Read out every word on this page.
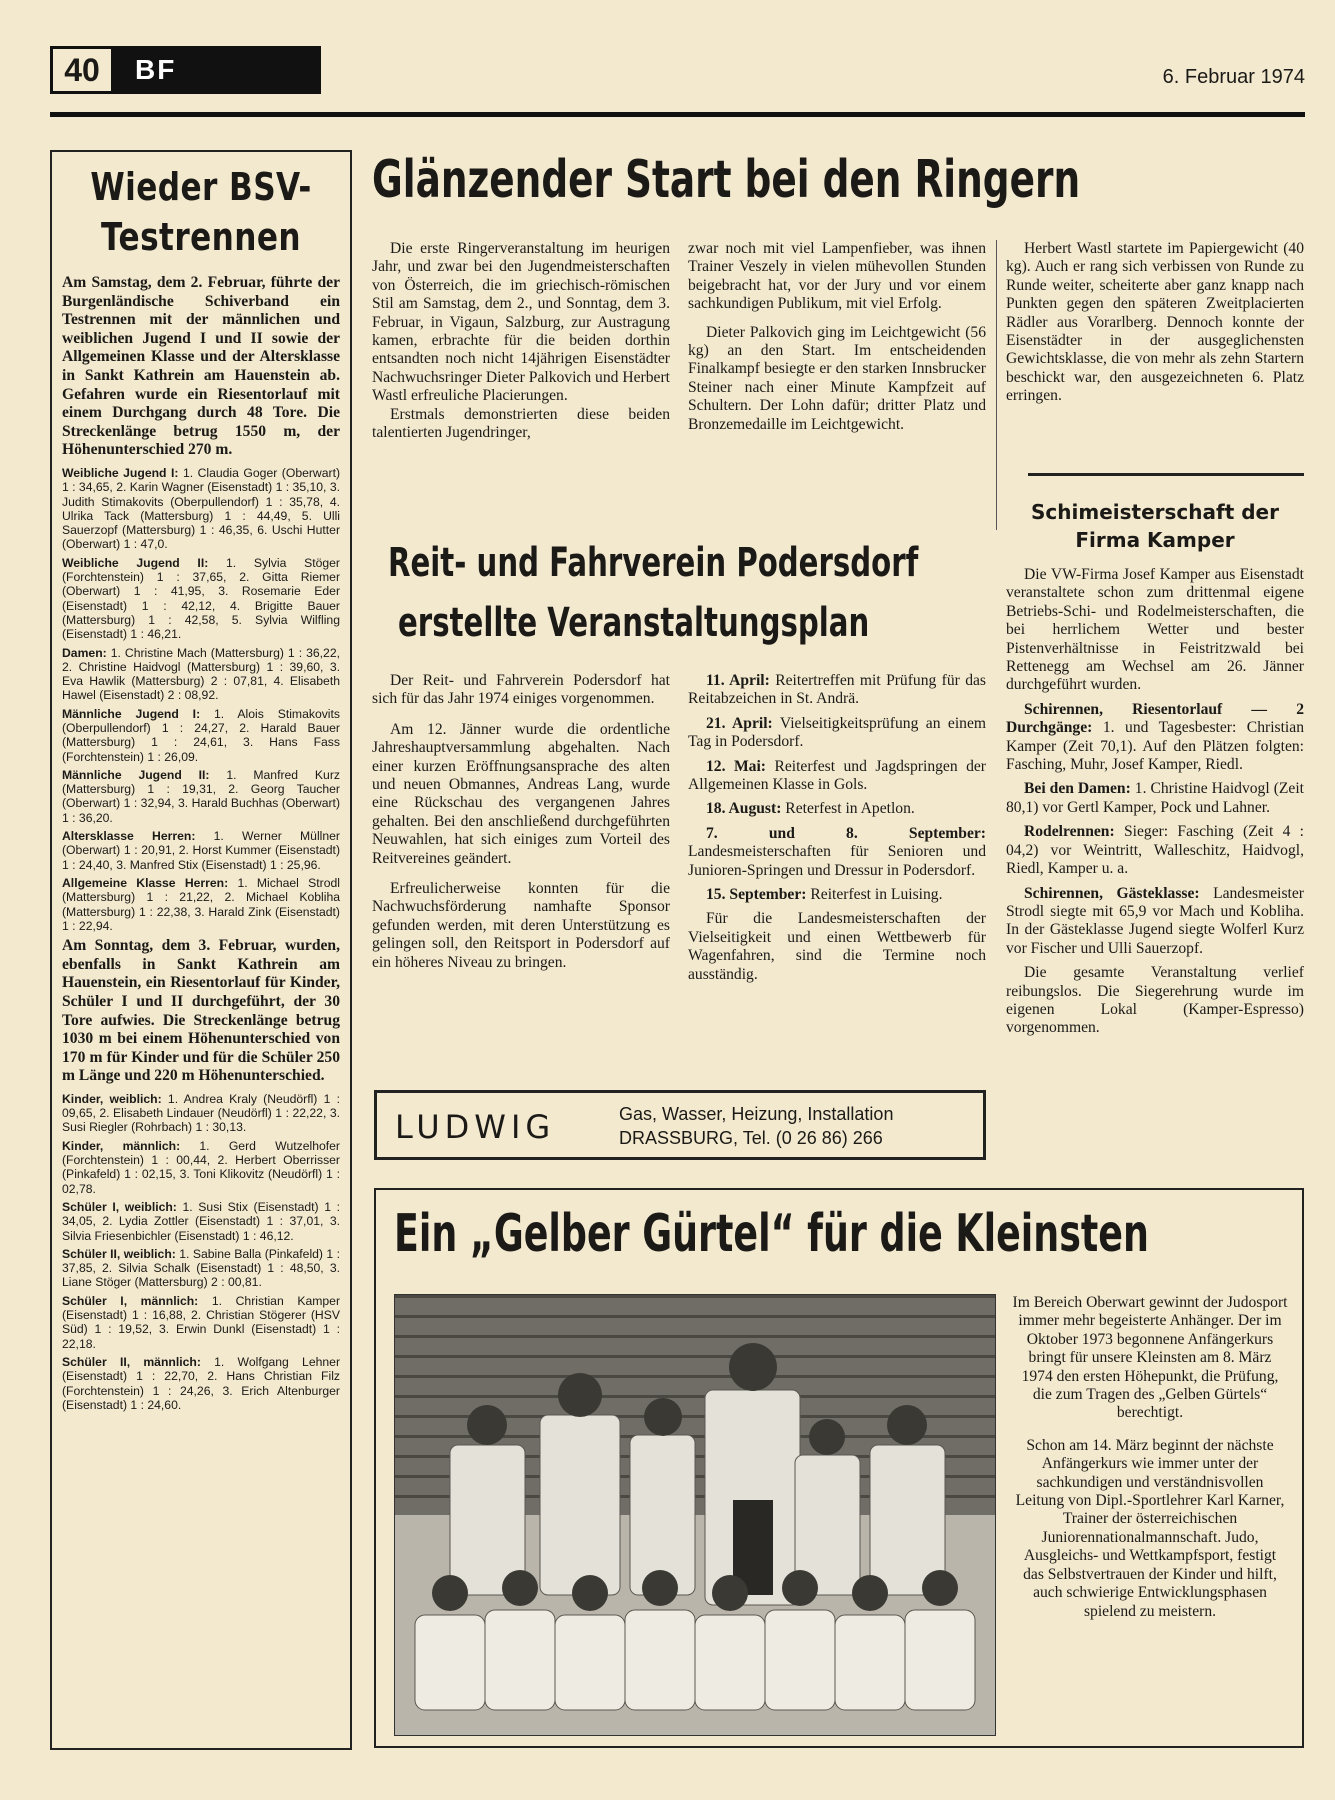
40	BF	6. Februar 1974
Wieder BSV-
Testrennen

Am Samstag, dem 2. Februar, führte der Burgenländische Schiverband ein Testrennen mit der männlichen und weiblichen Jugend I und II sowie der Allgemeinen Klasse und der Altersklasse in Sankt Kathrein am Hauenstein ab. Gefahren wurde ein Riesentorlauf mit einem Durchgang durch 48 Tore. Die Streckenlänge betrug 1550 m, der Höhenunterschied 270 m.

Weibliche Jugend I: 1. Claudia Goger (Oberwart) 1 : 34,65, 2. Karin Wagner (Eisenstadt) 1 : 35,10, 3. Judith Stimakovits (Oberpullendorf) 1 : 35,78, 4. Ulrika Tack (Mattersburg) 1 : 44,49, 5. Ulli Sauerzopf (Mattersburg) 1 : 46,35, 6. Uschi Hutter (Oberwart) 1 : 47,0.

Weibliche Jugend II: 1. Sylvia Stöger (Forchtenstein) 1 : 37,65, 2. Gitta Riemer (Oberwart) 1 : 41,95, 3. Rosemarie Eder (Eisenstadt) 1 : 42,12, 4. Brigitte Bauer (Mattersburg) 1 : 42,58, 5. Sylvia Wilfling (Eisenstadt) 1 : 46,21.

Damen: 1. Christine Mach (Mattersburg) 1 : 36,22, 2. Christine Haidvogl (Mattersburg) 1 : 39,60, 3. Eva Hawlik (Mattersburg) 2 : 07,81, 4. Elisabeth Hawel (Eisenstadt) 2 : 08,92.

Männliche Jugend I: 1. Alois Stimakovits (Oberpullendorf) 1 : 24,27, 2. Harald Bauer (Mattersburg) 1 : 24,61, 3. Hans Fass (Forchtenstein) 1 : 26,09.

Männliche Jugend II: 1. Manfred Kurz (Mattersburg) 1 : 19,31, 2. Georg Taucher (Oberwart) 1 : 32,94, 3. Harald Buchhas (Oberwart) 1 : 36,20.

Altersklasse Herren: 1. Werner Müllner (Oberwart) 1 : 20,91, 2. Horst Kummer (Eisenstadt) 1 : 24,40, 3. Manfred Stix (Eisenstadt) 1 : 25,96.

Allgemeine Klasse Herren: 1. Michael Strodl (Mattersburg) 1 : 21,22, 2. Michael Kobliha (Mattersburg) 1 : 22,38, 3. Harald Zink (Eisenstadt) 1 : 22,94.

Am Sonntag, dem 3. Februar, wurden, ebenfalls in Sankt Kathrein am Hauenstein, ein Riesentorlauf für Kinder, Schüler I und II durchgeführt, der 30 Tore aufwies. Die Streckenlänge betrug 1030 m bei einem Höhenunterschied von 170 m für Kinder und für die Schüler 250 m Länge und 220 m Höhenunterschied.

Kinder, weiblich: 1. Andrea Kraly (Neudörfl) 1 : 09,65, 2. Elisabeth Lindauer (Neudörfl) 1 : 22,22, 3. Susi Riegler (Rohrbach) 1 : 30,13.

Kinder, männlich: 1. Gerd Wutzelhofer (Forchtenstein) 1 : 00,44, 2. Herbert Oberrisser (Pinkafeld) 1 : 02,15, 3. Toni Klikovitz (Neudörfl) 1 : 02,78.

Schüler I, weiblich: 1. Susi Stix (Eisenstadt) 1 : 34,05, 2. Lydia Zottler (Eisenstadt) 1 : 37,01, 3. Silvia Friesenbichler (Eisenstadt) 1 : 46,12.

Schüler II, weiblich: 1. Sabine Balla (Pinkafeld) 1 : 37,85, 2. Silvia Schalk (Eisenstadt) 1 : 48,50, 3. Liane Stöger (Mattersburg) 2 : 00,81.

Schüler I, männlich: 1. Christian Kamper (Eisenstadt) 1 : 16,88, 2. Christian Stögerer (HSV Süd) 1 : 19,52, 3. Erwin Dunkl (Eisenstadt) 1 : 22,18.

Schüler II, männlich: 1. Wolfgang Lehner (Eisenstadt) 1 : 22,70, 2. Hans Christian Filz (Forchtenstein) 1 : 24,26, 3. Erich Altenburger (Eisenstadt) 1 : 24,60.

Glänzender Start bei den Ringern

Die erste Ringerveranstaltung im heurigen Jahr, und zwar bei den Jugendmeisterschaften von Österreich, die im griechisch-römischen Stil am Samstag, dem 2., und Sonntag, dem 3. Februar, in Vigaun, Salzburg, zur Austragung kamen, erbrachte für die beiden dorthin entsandten noch nicht 14jährigen Eisenstädter Nachwuchsringer Dieter Palkovich und Herbert Wastl erfreuliche Placierungen.

Erstmals demonstrierten diese beiden talentierten Jugendringer,

zwar noch mit viel Lampenfieber, was ihnen Trainer Veszely in vielen mühevollen Stunden beigebracht hat, vor der Jury und vor einem sachkundigen Publikum, mit viel Erfolg.

Dieter Palkovich ging im Leichtgewicht (56 kg) an den Start. Im entscheidenden Finalkampf besiegte er den starken Innsbrucker Steiner nach einer Minute Kampfzeit auf Schultern. Der Lohn dafür; dritter Platz und Bronzemedaille im Leichtgewicht.

Herbert Wastl startete im Papiergewicht (40 kg). Auch er rang sich verbissen von Runde zu Runde weiter, scheiterte aber ganz knapp nach Punkten gegen den späteren Zweitplacierten Rädler aus Vorarlberg. Dennoch konnte der Eisenstädter in der ausgeglichensten Gewichtsklasse, die von mehr als zehn Startern beschickt war, den ausgezeichneten 6. Platz erringen.

Schimeisterschaft der
Firma Kamper

Die VW-Firma Josef Kamper aus Eisenstadt veranstaltete schon zum drittenmal eigene Betriebs-Schi- und Rodelmeisterschaften, die bei herrlichem Wetter und bester Pistenverhältnisse in Feistritzwald bei Rettenegg am Wechsel am 26. Jänner durchgeführt wurden.

Schirennen, Riesentorlauf — 2 Durchgänge: 1. und Tagesbester: Christian Kamper (Zeit 70,1). Auf den Plätzen folgten: Fasching, Muhr, Josef Kamper, Riedl.

Bei den Damen: 1. Christine Haidvogl (Zeit 80,1) vor Gertl Kamper, Pock und Lahner.

Rodelrennen: Sieger: Fasching (Zeit 4 : 04,2) vor Weintritt, Walleschitz, Haidvogl, Riedl, Kamper u. a.

Schirennen, Gästeklasse: Landesmeister Strodl siegte mit 65,9 vor Mach und Kobliha. In der Gästeklasse Jugend siegte Wolferl Kurz vor Fischer und Ulli Sauerzopf.

Die gesamte Veranstaltung verlief reibungslos. Die Siegerehrung wurde im eigenen Lokal (Kamper-Espresso) vorgenommen.

Reit- und Fahrverein Podersdorf
erstellte Veranstaltungsplan

Der Reit- und Fahrverein Podersdorf hat sich für das Jahr 1974 einiges vorgenommen.

Am 12. Jänner wurde die ordentliche Jahreshauptversammlung abgehalten. Nach einer kurzen Eröffnungsansprache des alten und neuen Obmannes, Andreas Lang, wurde eine Rückschau des vergangenen Jahres gehalten. Bei den anschließend durchgeführten Neuwahlen, hat sich einiges zum Vorteil des Reitvereines geändert.

Erfreulicherweise konnten für die Nachwuchsförderung namhafte Sponsor gefunden werden, mit deren Unterstützung es gelingen soll, den Reitsport in Podersdorf auf ein höheres Niveau zu bringen.

11. April: Reitertreffen mit Prüfung für das Reitabzeichen in St. Andrä.

21. April: Vielseitigkeitsprüfung an einem Tag in Podersdorf.

12. Mai: Reiterfest und Jagdspringen der Allgemeinen Klasse in Gols.

18. August: Reterfest in Apetlon.

7. und 8. September: Landesmeisterschaften für Senioren und Junioren-Springen und Dressur in Podersdorf.

15. September: Reiterfest in Luising.

Für die Landesmeisterschaften der Vielseitigkeit und einen Wettbewerb für Wagenfahren, sind die Termine noch ausständig.

LUDWIG	Gas, Wasser, Heizung, Installation
DRASSBURG, Tel. (0 26 86) 266
Ein „Gelber Gürtel“ für die Kleinsten

Im Bereich Oberwart gewinnt der Judosport immer mehr begeisterte Anhänger. Der im Oktober 1973 begonnene Anfängerkurs bringt für unsere Kleinsten am 8. März 1974 den ersten Höhepunkt, die Prüfung, die zum Tragen des „Gelben Gürtels“ berechtigt.

Schon am 14. März beginnt der nächste Anfängerkurs wie immer unter der sachkundigen und verständnisvollen Leitung von Dipl.-Sportlehrer Karl Karner, Trainer der österreichischen Juniorennationalmannschaft. Judo, Ausgleichs- und Wettkampfsport, festigt das Selbstvertrauen der Kinder und hilft, auch schwierige Entwicklungsphasen spielend zu meistern.
